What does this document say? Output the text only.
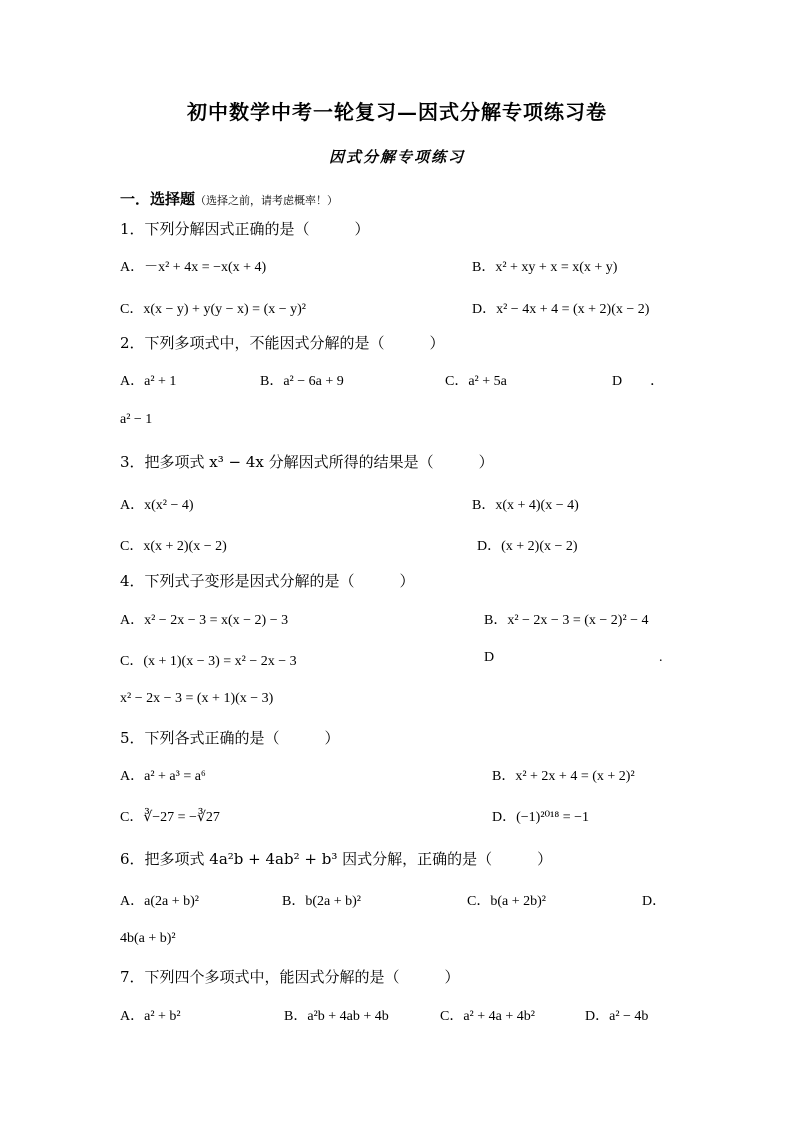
初中数学中考一轮复习—因式分解专项练习卷
因式分解专项练习
一．选择题（选择之前，请考虑概率！）
1．下列分解因式正确的是（　　　）
A．－x² + 4x = −x(x + 4)	B．x² + xy + x = x(x + y)
C．x(x − y) + y(y − x) = (x − y)²	D．x² − 4x + 4 = (x + 2)(x − 2)
2．下列多项式中，不能因式分解的是（　　　）
A．a² + 1	B．a² − 6a + 9	C．a² + 5a	D　　．
a² − 1
3．把多项式 x³ − 4x 分解因式所得的结果是（　　　）
A．x(x² − 4)	B．x(x + 4)(x − 4)
C．x(x + 2)(x − 2)	D．(x + 2)(x − 2)
4．下列式子变形是因式分解的是（　　　）
A．x² − 2x − 3 = x(x − 2) − 3	B．x² − 2x − 3 = (x − 2)² − 4
C．(x + 1)(x − 3) = x² − 2x − 3	D	.
x² − 2x − 3 = (x + 1)(x − 3)
5．下列各式正确的是（　　　）
A．a² + a³ = a⁶	B．x² + 2x + 4 = (x + 2)²
C．∛−27 = −∛27	D．(−1)²⁰¹⁸ = −1
6．把多项式 4a²b + 4ab² + b³ 因式分解，正确的是（　　　）
A．a(2a + b)²	B．b(2a + b)²	C．b(a + 2b)²	D．
4b(a + b)²
7．下列四个多项式中，能因式分解的是（　　　）
A．a² + b²	B．a²b + 4ab + 4b	C．a² + 4a + 4b²	D．a² − 4b
